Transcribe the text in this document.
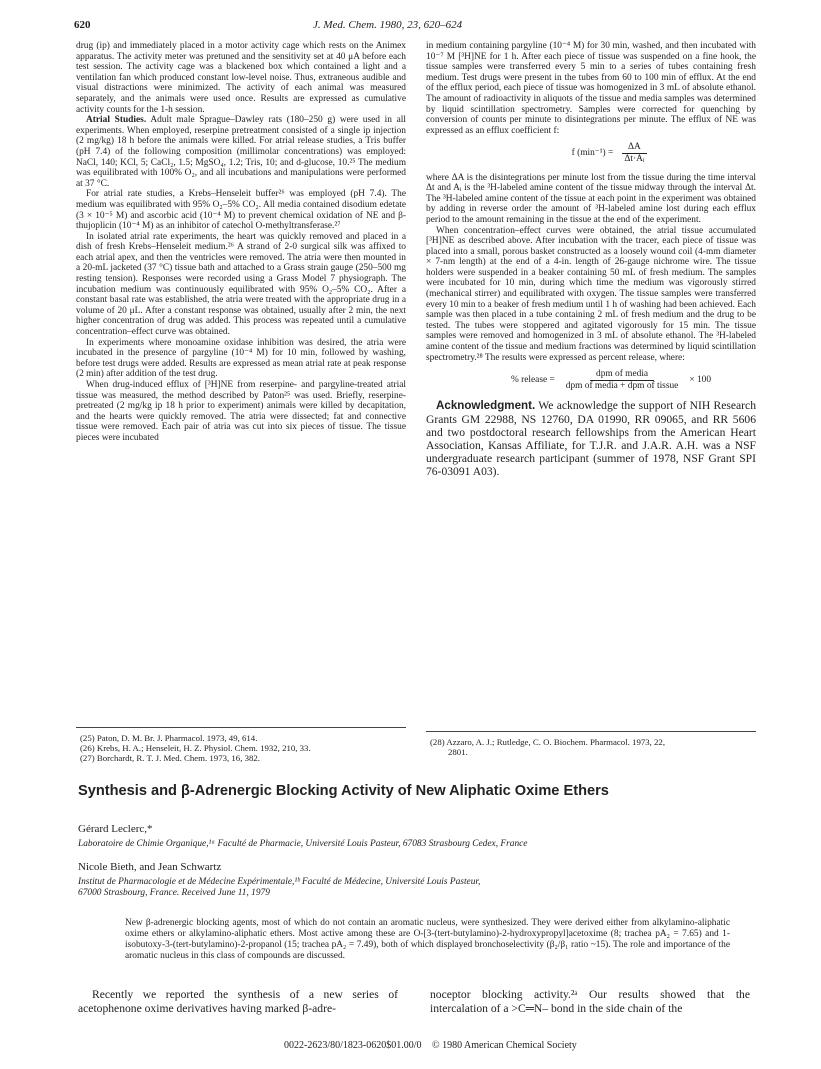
620	J. Med. Chem. 1980, 23, 620–624

drug (ip) and immediately placed in a motor activity cage which rests on the Animex apparatus. The activity meter was pretuned and the sensitivity set at 40 μA before each test session. The activity cage was a blackened box which contained a light and a ventilation fan which produced constant low-level noise. Thus, extraneous audible and visual distractions were minimized. The activity of each animal was measured separately, and the animals were used once. Results are expressed as cumulative activity counts for the 1-h session.

Atrial Studies. Adult male Sprague–Dawley rats (180–250 g) were used in all experiments. When employed, reserpine pretreatment consisted of a single ip injection (2 mg/kg) 18 h before the animals were killed. For atrial release studies, a Tris buffer (pH 7.4) of the following composition (millimolar concentrations) was employed: NaCl, 140; KCl, 5; CaCl₂, 1.5; MgSO₄, 1.2; Tris, 10; and d-glucose, 10.²⁵ The medium was equilibrated with 100% O₂, and all incubations and manipulations were performed at 37 °C.

For atrial rate studies, a Krebs–Henseleit buffer²⁶ was employed (pH 7.4). The medium was equilibrated with 95% O₂–5% CO₂. All media contained disodium edetate (3 × 10⁻⁵ M) and ascorbic acid (10⁻⁴ M) to prevent chemical oxidation of NE and β-thujoplicin (10⁻⁴ M) as an inhibitor of catechol O-methyltransferase.²⁷

In isolated atrial rate experiments, the heart was quickly removed and placed in a dish of fresh Krebs–Henseleit medium.²⁶ A strand of 2-0 surgical silk was affixed to each atrial apex, and then the ventricles were removed. The atria were then mounted in a 20-mL jacketed (37 °C) tissue bath and attached to a Grass strain gauge (250–500 mg resting tension). Responses were recorded using a Grass Model 7 physiograph. The incubation medium was continuously equilibrated with 95% O₂–5% CO₂. After a constant basal rate was established, the atria were treated with the appropriate drug in a volume of 20 μL. After a constant response was obtained, usually after 2 min, the next higher concentration of drug was added. This process was repeated until a cumulative concentration–effect curve was obtained.

In experiments where monoamine oxidase inhibition was desired, the atria were incubated in the presence of pargyline (10⁻⁴ M) for 10 min, followed by washing, before test drugs were added. Results are expressed as mean atrial rate at peak response (2 min) after addition of the test drug.

When drug-induced efflux of [³H]NE from reserpine- and pargyline-treated atrial tissue was measured, the method described by Paton²⁵ was used. Briefly, reserpine-pretreated (2 mg/kg ip 18 h prior to experiment) animals were killed by decapitation, and the hearts were quickly removed. The atria were dissected; fat and connective tissue were removed. Each pair of atria was cut into six pieces of tissue. The tissue pieces were incubated

in medium containing pargyline (10⁻⁴ M) for 30 min, washed, and then incubated with 10⁻⁷ M [³H]NE for 1 h. After each piece of tissue was suspended on a fine hook, the tissue samples were transferred every 5 min to a series of tubes containing fresh medium. Test drugs were present in the tubes from 60 to 100 min of efflux. At the end of the efflux period, each piece of tissue was homogenized in 3 mL of absolute ethanol. The amount of radioactivity in aliquots of the tissue and media samples was determined by liquid scintillation spectrometry. Samples were corrected for quenching by conversion of counts per minute to disintegrations per minute. The efflux of NE was expressed as an efflux coefficient f:

f $(\min^{-1}) = \frac{\Delta A}{\text{Δt·Aᵢ}}$

where ΔA is the disintegrations per minute lost from the tissue during the time interval Δt and Aᵢ is the ³H-labeled amine content of the tissue midway through the interval Δt. The ³H-labeled amine content of the tissue at each point in the experiment was obtained by adding in reverse order the amount of ³H-labeled amine lost during each efflux period to the amount remaining in the tissue at the end of the experiment.

When concentration–effect curves were obtained, the atrial tissue accumulated [³H]NE as described above. After incubation with the tracer, each piece of tissue was placed into a small, porous basket constructed as a loosely wound coil (4-mm diameter × 7-nm length) at the end of a 4-in. length of 26-gauge nichrome wire. The tissue holders were suspended in a beaker containing 50 mL of fresh medium. The samples were incubated for 10 min, during which time the medium was vigorously stirred (mechanical stirrer) and equilibrated with oxygen. The tissue samples were transferred every 10 min to a beaker of fresh medium until 1 h of washing had been achieved. Each sample was then placed in a tube containing 2 mL of fresh medium and the drug to be tested. The tubes were stoppered and agitated vigorously for 15 min. The tissue samples were removed and homogenized in 3 mL of absolute ethanol. The ³H-labeled amine content of the tissue and medium fractions was determined by liquid scintillation spectrometry.²⁸ The results were expressed as percent release, where:

% release = $\frac{\text{dpm of media}}{\text{dpm of media + dpm of tissue}} \times 100$

Acknowledgment. We acknowledge the support of NIH Research Grants GM 22988, NS 12760, DA 01990, RR 09065, and RR 5606 and two postdoctoral research fellowships from the American Heart Association, Kansas Affiliate, for T.J.R. and J.A.R. A.H. was a NSF undergraduate research participant (summer of 1978, NSF Grant SPI 76-03091 A03).

(25) Paton, D. M. Br. J. Pharmacol. 1973, 49, 614.
(26) Krebs, H. A.; Henseleit, H. Z. Physiol. Chem. 1932, 210, 33.
(27) Borchardt, R. T. J. Med. Chem. 1973, 16, 382.
(28) Azzaro, A. J.; Rutledge, C. O. Biochem. Pharmacol. 1973, 22,
2801.
Synthesis and β-Adrenergic Blocking Activity of New Aliphatic Oxime Ethers
Gérard Leclerc,*
Laboratoire de Chimie Organique,¹ᵃ Faculté de Pharmacie, Université Louis Pasteur, 67083 Strasbourg Cedex, France
Nicole Bieth, and Jean Schwartz
Institut de Pharmacologie et de Médecine Expérimentale,¹ᵇ Faculté de Médecine, Université Louis Pasteur,
67000 Strasbourg, France. Received June 11, 1979
New β-adrenergic blocking agents, most of which do not contain an aromatic nucleus, were synthesized. They were derived either from alkylamino-aliphatic oxime ethers or alkylamino-aliphatic ethers. Most active among these are O-[3-(tert-butylamino)-2-hydroxypropyl]acetoxime (8; trachea pA₂ = 7.65) and 1-isobutoxy-3-(tert-butylamino)-2-propanol (15; trachea pA₂ = 7.49), both of which displayed bronchoselectivity (β₂/β₁ ratio ~15). The role and importance of the aromatic nucleus in this class of compounds are discussed.
Recently we reported the synthesis of a new series of acetophenone oxime derivatives having marked β-adre-
noceptor blocking activity.²ᵃ Our results showed that the intercalation of a >C═N– bond in the side chain of the
0022-2623/80/1823-0620$01.00/0 © 1980 American Chemical Society
